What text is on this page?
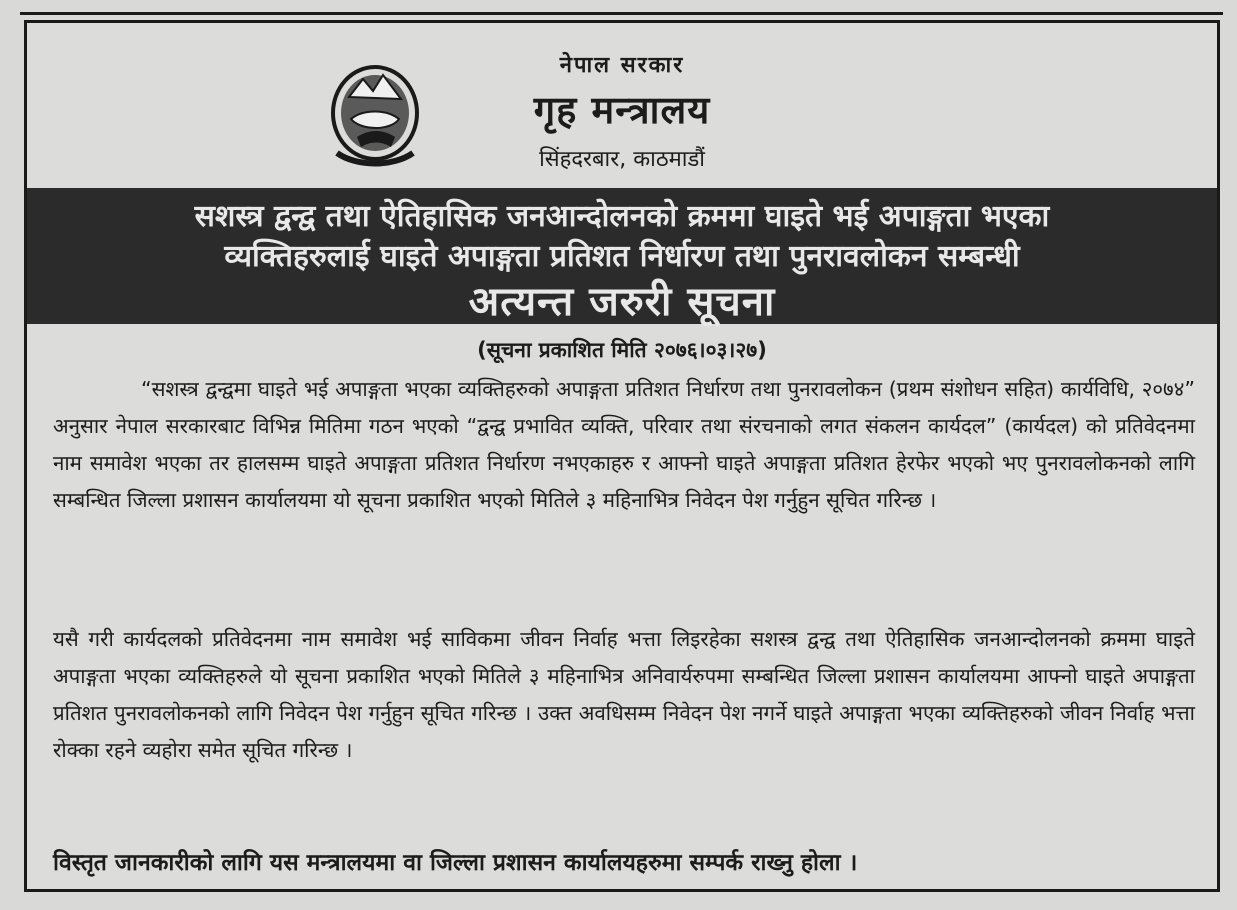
नेपाल सरकार
गृह मन्त्रालय
सिंहदरबार, काठमाडौं
सशस्त्र द्वन्द्व तथा ऐतिहासिक जनआन्दोलनको क्रममा घाइते भई अपाङ्गता भएका
व्यक्तिहरुलाई घाइते अपाङ्गता प्रतिशत निर्धारण तथा पुनरावलोकन सम्बन्धी
अत्यन्त जरुरी सूचना
(सूचना प्रकाशित मिति २०७६।०३।२७)
“सशस्त्र द्वन्द्वमा घाइते भई अपाङ्गता भएका व्यक्तिहरुको अपाङ्गता प्रतिशत निर्धारण तथा पुनरावलोकन (प्रथम संशोधन सहित) कार्यविधि, २०७४” अनुसार नेपाल सरकारबाट विभिन्न मितिमा गठन भएको “द्वन्द्व प्रभावित व्यक्ति, परिवार तथा संरचनाको लगत संकलन कार्यदल” (कार्यदल) को प्रतिवेदनमा नाम समावेश भएका तर हालसम्म घाइते अपाङ्गता प्रतिशत निर्धारण नभएकाहरु र आफ्नो घाइते अपाङ्गता प्रतिशत हेरफेर भएको भए पुनरावलोकनको लागि सम्बन्धित जिल्ला प्रशासन कार्यालयमा यो सूचना प्रकाशित भएको मितिले ३ महिनाभित्र निवेदन पेश गर्नुहुन सूचित गरिन्छ ।
यसै गरी कार्यदलको प्रतिवेदनमा नाम समावेश भई साविकमा जीवन निर्वाह भत्ता लिइरहेका सशस्त्र द्वन्द्व तथा ऐतिहासिक जनआन्दोलनको क्रममा घाइते अपाङ्गता भएका व्यक्तिहरुले यो सूचना प्रकाशित भएको मितिले ३ महिनाभित्र अनिवार्यरुपमा सम्बन्धित जिल्ला प्रशासन कार्यालयमा आफ्नो घाइते अपाङ्गता प्रतिशत पुनरावलोकनको लागि निवेदन पेश गर्नुहुन सूचित गरिन्छ । उक्त अवधिसम्म निवेदन पेश नगर्ने घाइते अपाङ्गता भएका व्यक्तिहरुको जीवन निर्वाह भत्ता रोक्का रहने व्यहोरा समेत सूचित गरिन्छ ।
विस्तृत जानकारीको लागि यस मन्त्रालयमा वा जिल्ला प्रशासन कार्यालयहरुमा सम्पर्क राख्नु होला ।
